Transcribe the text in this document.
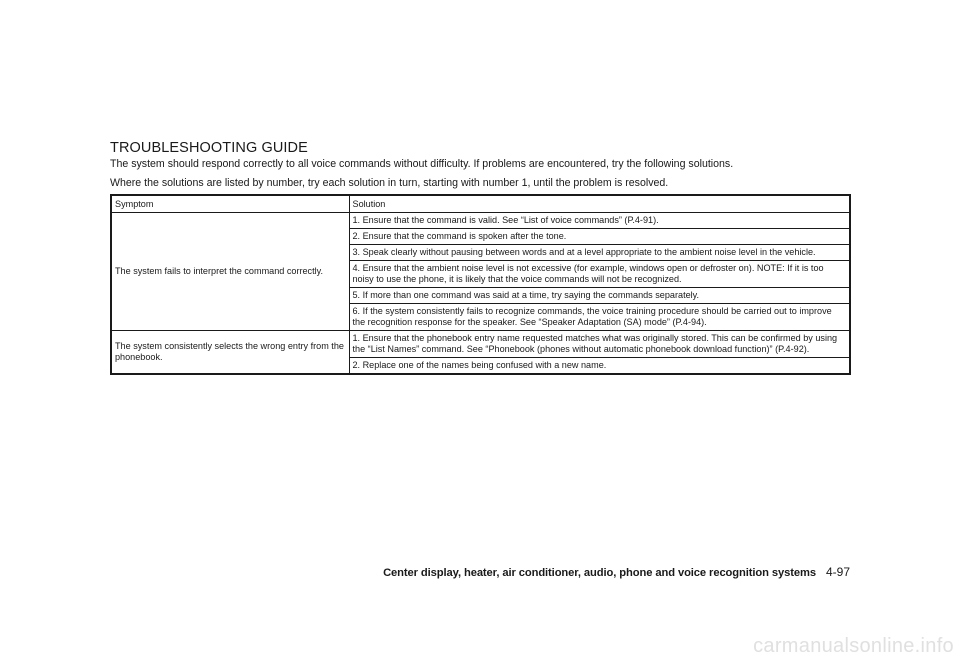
TROUBLESHOOTING GUIDE

The system should respond correctly to all voice commands without difficulty. If problems are encountered, try the following solutions.

Where the solutions are listed by number, try each solution in turn, starting with number 1, until the problem is resolved.

Symptom	Solution
The system fails to interpret the command correctly.	1. Ensure that the command is valid. See “List of voice commands” (P.4-91).
	2. Ensure that the command is spoken after the tone.
	3. Speak clearly without pausing between words and at a level appropriate to the ambient noise level in the vehicle.
	4. Ensure that the ambient noise level is not excessive (for example, windows open or defroster on). NOTE: If it is too noisy to use the phone, it is likely that the voice commands will not be recognized.
	5. If more than one command was said at a time, try saying the commands separately.
	6. If the system consistently fails to recognize commands, the voice training procedure should be carried out to improve the recognition response for the speaker. See “Speaker Adaptation (SA) mode” (P.4-94).
The system consistently selects the wrong entry from the phonebook.	1. Ensure that the phonebook entry name requested matches what was originally stored. This can be confirmed by using the “List Names” command. See “Phonebook (phones without automatic phonebook download function)” (P.4-92).
	2. Replace one of the names being confused with a new name.
Center display, heater, air conditioner, audio, phone and voice recognition systems 4-97
carmanualsonline.info
